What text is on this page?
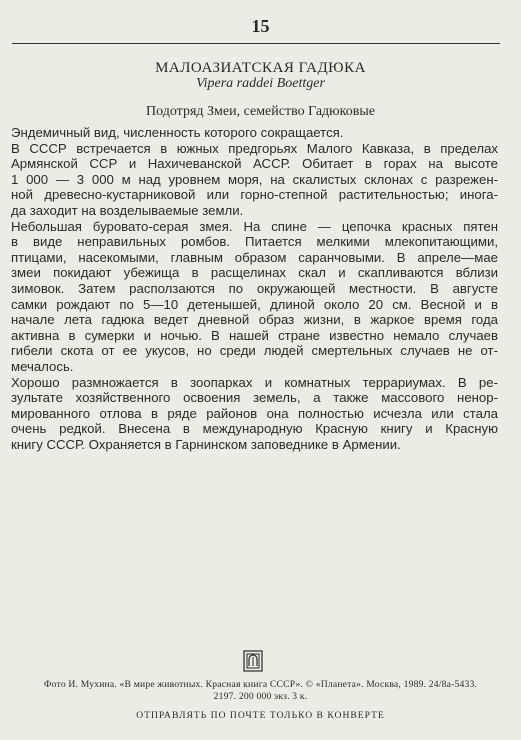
15
МАЛОАЗИАТСКАЯ ГАДЮКА
Vipera raddei Boettger
Подотряд Змеи, семейство Гадюковые
Эндемичный вид, численность которого сокращается.
В СССР встречается в южных предгорьях Малого Кавказа, в пределах
Армянской ССР и Нахичеванской АССР. Обитает в горах на высоте
1 000 — 3 000 м над уровнем моря, на скалистых склонах с разрежен-
ной древесно-кустарниковой или горно-степной растительностью; инога-
да заходит на возделываемые земли.
Небольшая буровато-серая змея. На спине — цепочка красных пятен
в виде неправильных ромбов. Питается мелкими млекопитающими,
птицами, насекомыми, главным образом саранчовыми. В апреле—мае
змеи покидают убежища в расщелинах скал и скапливаются вблизи
зимовок. Затем расползаются по окружающей местности. В августе
самки рождают по 5—10 детенышей, длиной около 20 см. Весной и в
начале лета гадюка ведет дневной образ жизни, в жаркое время года
активна в сумерки и ночью. В нашей стране известно немало случаев
гибели скота от ее укусов, но среди людей смертельных случаев не от-
мечалось.
Хорошо размножается в зоопарках и комнатных террариумах. В ре-
зультате хозяйственного освоения земель, а также массового ненор-
мированного отлова в ряде районов она полностью исчезла или стала
очень редкой. Внесена в международную Красную книгу и Красную
книгу СССР. Охраняется в Гарнинском заповеднике в Армении.
Фото И. Мухина. «В мире животных. Красная книга СССР». © «Планета». Москва, 1989. 24/8а-5433.
2197. 200 000 экз. 3 к.
ОТПРАВЛЯТЬ ПО ПОЧТЕ ТОЛЬКО В КОНВЕРТЕ
